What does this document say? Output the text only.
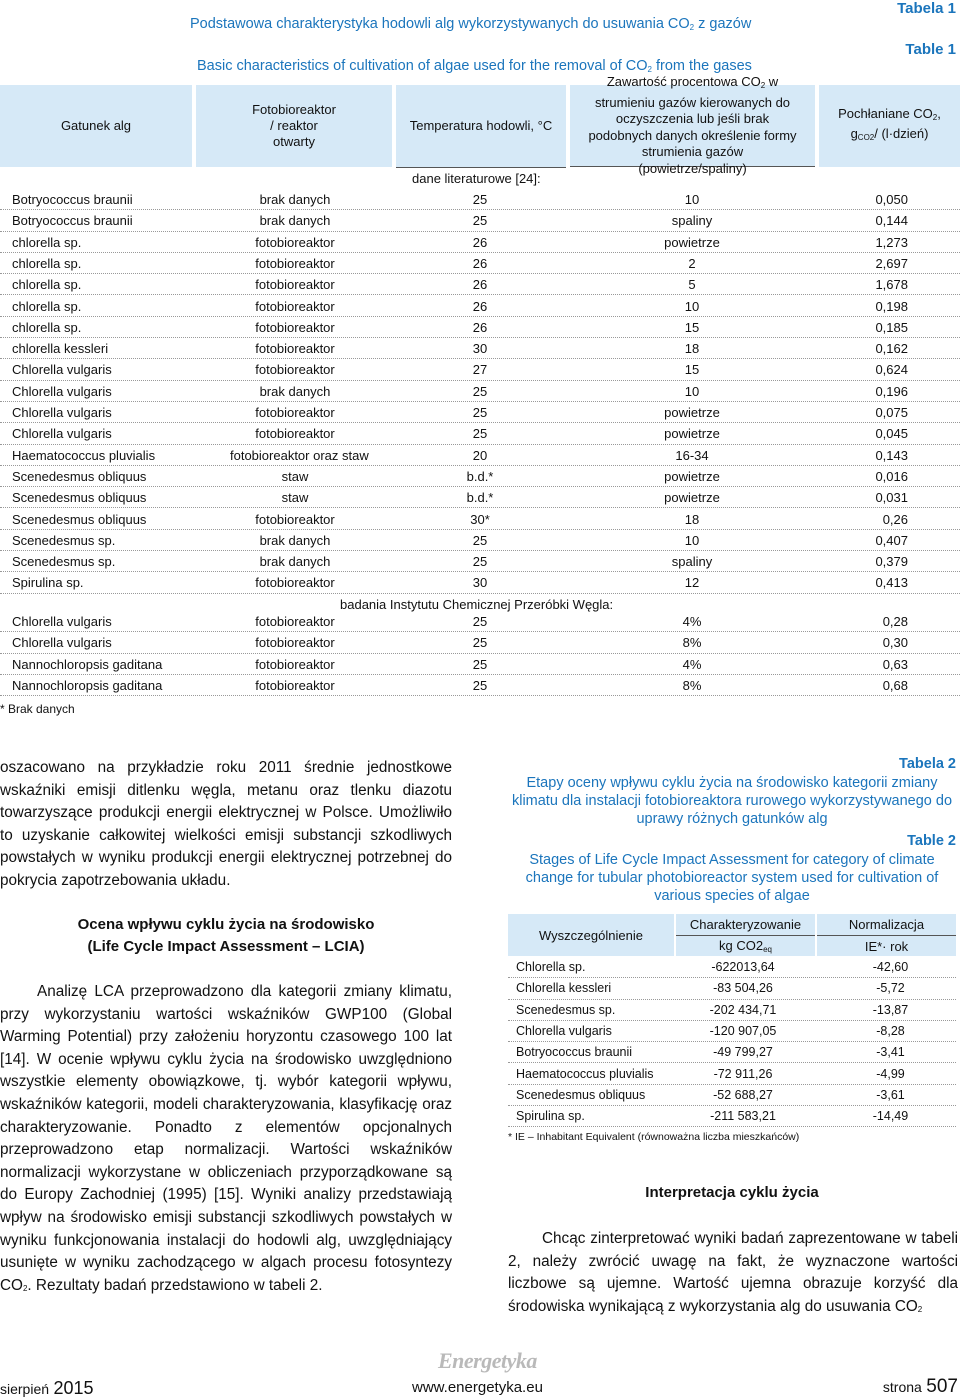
Podstawowa charakterystyka hodowli alg wykorzystywanych do usuwania $CO_2$ z gazów
Tabela 1
Table 1
Basic characteristics of cultivation of algae used for the removal of $CO_2$ from the gases
Gatunek alg
Fotobioreaktor / reaktor otwarty
Temperatura hodowli, °C
Zawartość procentowa $CO_2$ w strumieniu gazów kierowanych do oczyszczenia lub jeśli brak podobnych danych określenie formy strumienia gazów (powietrze/spaliny)
Pochłaniane $CO_2$, $g_{CO2}/$ (l·dzień)
dane literaturowe [24]:
Botryococcus braunii	brak danych	25	10	0,050
Botryococcus braunii	brak danych	25	spaliny	0,144
chlorella sp.	fotobioreaktor	26	powietrze	1,273
chlorella sp.	fotobioreaktor	26	2	2,697
chlorella sp.	fotobioreaktor	26	5	1,678
chlorella sp.	fotobioreaktor	26	10	0,198
chlorella sp.	fotobioreaktor	26	15	0,185
chlorella kessleri	fotobioreaktor	30	18	0,162
Chlorella vulgaris	fotobioreaktor	27	15	0,624
Chlorella vulgaris	brak danych	25	10	0,196
Chlorella vulgaris	fotobioreaktor	25	powietrze	0,075
Chlorella vulgaris	fotobioreaktor	25	powietrze	0,045
Haematococcus pluvialis	fotobioreaktor oraz staw	20	16-34	0,143
Scenedesmus obliquus	staw	b.d.*	powietrze	0,016
Scenedesmus obliquus	staw	b.d.*	powietrze	0,031
Scenedesmus obliquus	fotobioreaktor	30*	18	0,26
Scenedesmus sp.	brak danych	25	10	0,407
Scenedesmus sp.	brak danych	25	spaliny	0,379
Spirulina sp.	fotobioreaktor	30	12	0,413
badania Instytutu Chemicznej Przeróbki Węgla:
Chlorella vulgaris	fotobioreaktor	25	4%	0,28
Chlorella vulgaris	fotobioreaktor	25	8%	0,30
Nannochloropsis gaditana	fotobioreaktor	25	4%	0,63
Nannochloropsis gaditana	fotobioreaktor	25	8%	0,68
* Brak danych
oszacowano na przykładzie roku 2011 średnie jednostkowe wskaźniki emisji ditlenku węgla, metanu oraz tlenku diazotu towarzyszące produkcji energii elektrycznej w Polsce. Umożliwiło to uzyskanie całkowitej wielkości emisji substancji szkodliwych powstałych w wyniku produkcji energii elektrycznej potrzebnej do pokrycia zapotrzebowania układu.
Ocena wpływu cyklu życia na środowisko
(Life Cycle Impact Assessment – LCIA)
Analizę LCA przeprowadzono dla kategorii zmiany klimatu, przy wykorzystaniu wartości wskaźników GWP100 (Global Warming Potential) przy założeniu horyzontu czasowego 100 lat [14]. W ocenie wpływu cyklu życia na środowisko uwzględniono wszystkie elementy obowiązkowe, tj. wybór kategorii wpływu, wskaźników kategorii, modeli charakteryzowania, klasyfikację oraz charakteryzowanie. Ponadto z elementów opcjonalnych przeprowadzono etap normalizacji. Wartości wskaźników normalizacji wykorzystane w obliczeniach przyporządkowane są do Europy Zachodniej (1995) [15]. Wyniki analizy przedstawiają wpływ na środowisko emisji substancji szkodliwych powstałych w wyniku funkcjonowania instalacji do hodowli alg, uwzględniający usunięte w wyniku zachodzącego w algach procesu fotosyntezy $CO_2$. Rezultaty badań przedstawiono w tabeli 2.
Tabela 2
Etapy oceny wpływu cyklu życia na środowisko kategorii zmiany klimatu dla instalacji fotobioreaktora rurowego wykorzystywanego do uprawy różnych gatunków alg
Table 2
Stages of Life Cycle Impact Assessment for category of climate change for tubular photobioreactor system used for cultivation of various species of algae
Wyszczególnienie
Charakteryzowanie
kg $CO2_{eq}$
Normalizacja
IE*· rok
Chlorella sp.	-622013,64	-42,60
Chlorella kessleri	-83 504,26	-5,72
Scenedesmus sp.	-202 434,71	-13,87
Chlorella vulgaris	-120 907,05	-8,28
Botryococcus braunii	-49 799,27	-3,41
Haematococcus pluvialis	-72 911,26	-4,99
Scenedesmus obliquus	-52 688,27	-3,61
Spirulina sp.	-211 583,21	-14,49
* IE – Inhabitant Equivalent (równoważna liczba mieszkańców)
Interpretacja cyklu życia
Chcąc zinterpretować wyniki badań zaprezentowane w tabeli 2, należy zwrócić uwagę na fakt, że wyznaczone wartości liczbowe są ujemne. Wartość ujemna obrazuje korzyść dla środowiska wynikającą z wykorzystania alg do usuwania $CO_2$
sierpień 2015
Energetyka
www.energetyka.eu	strona 507
